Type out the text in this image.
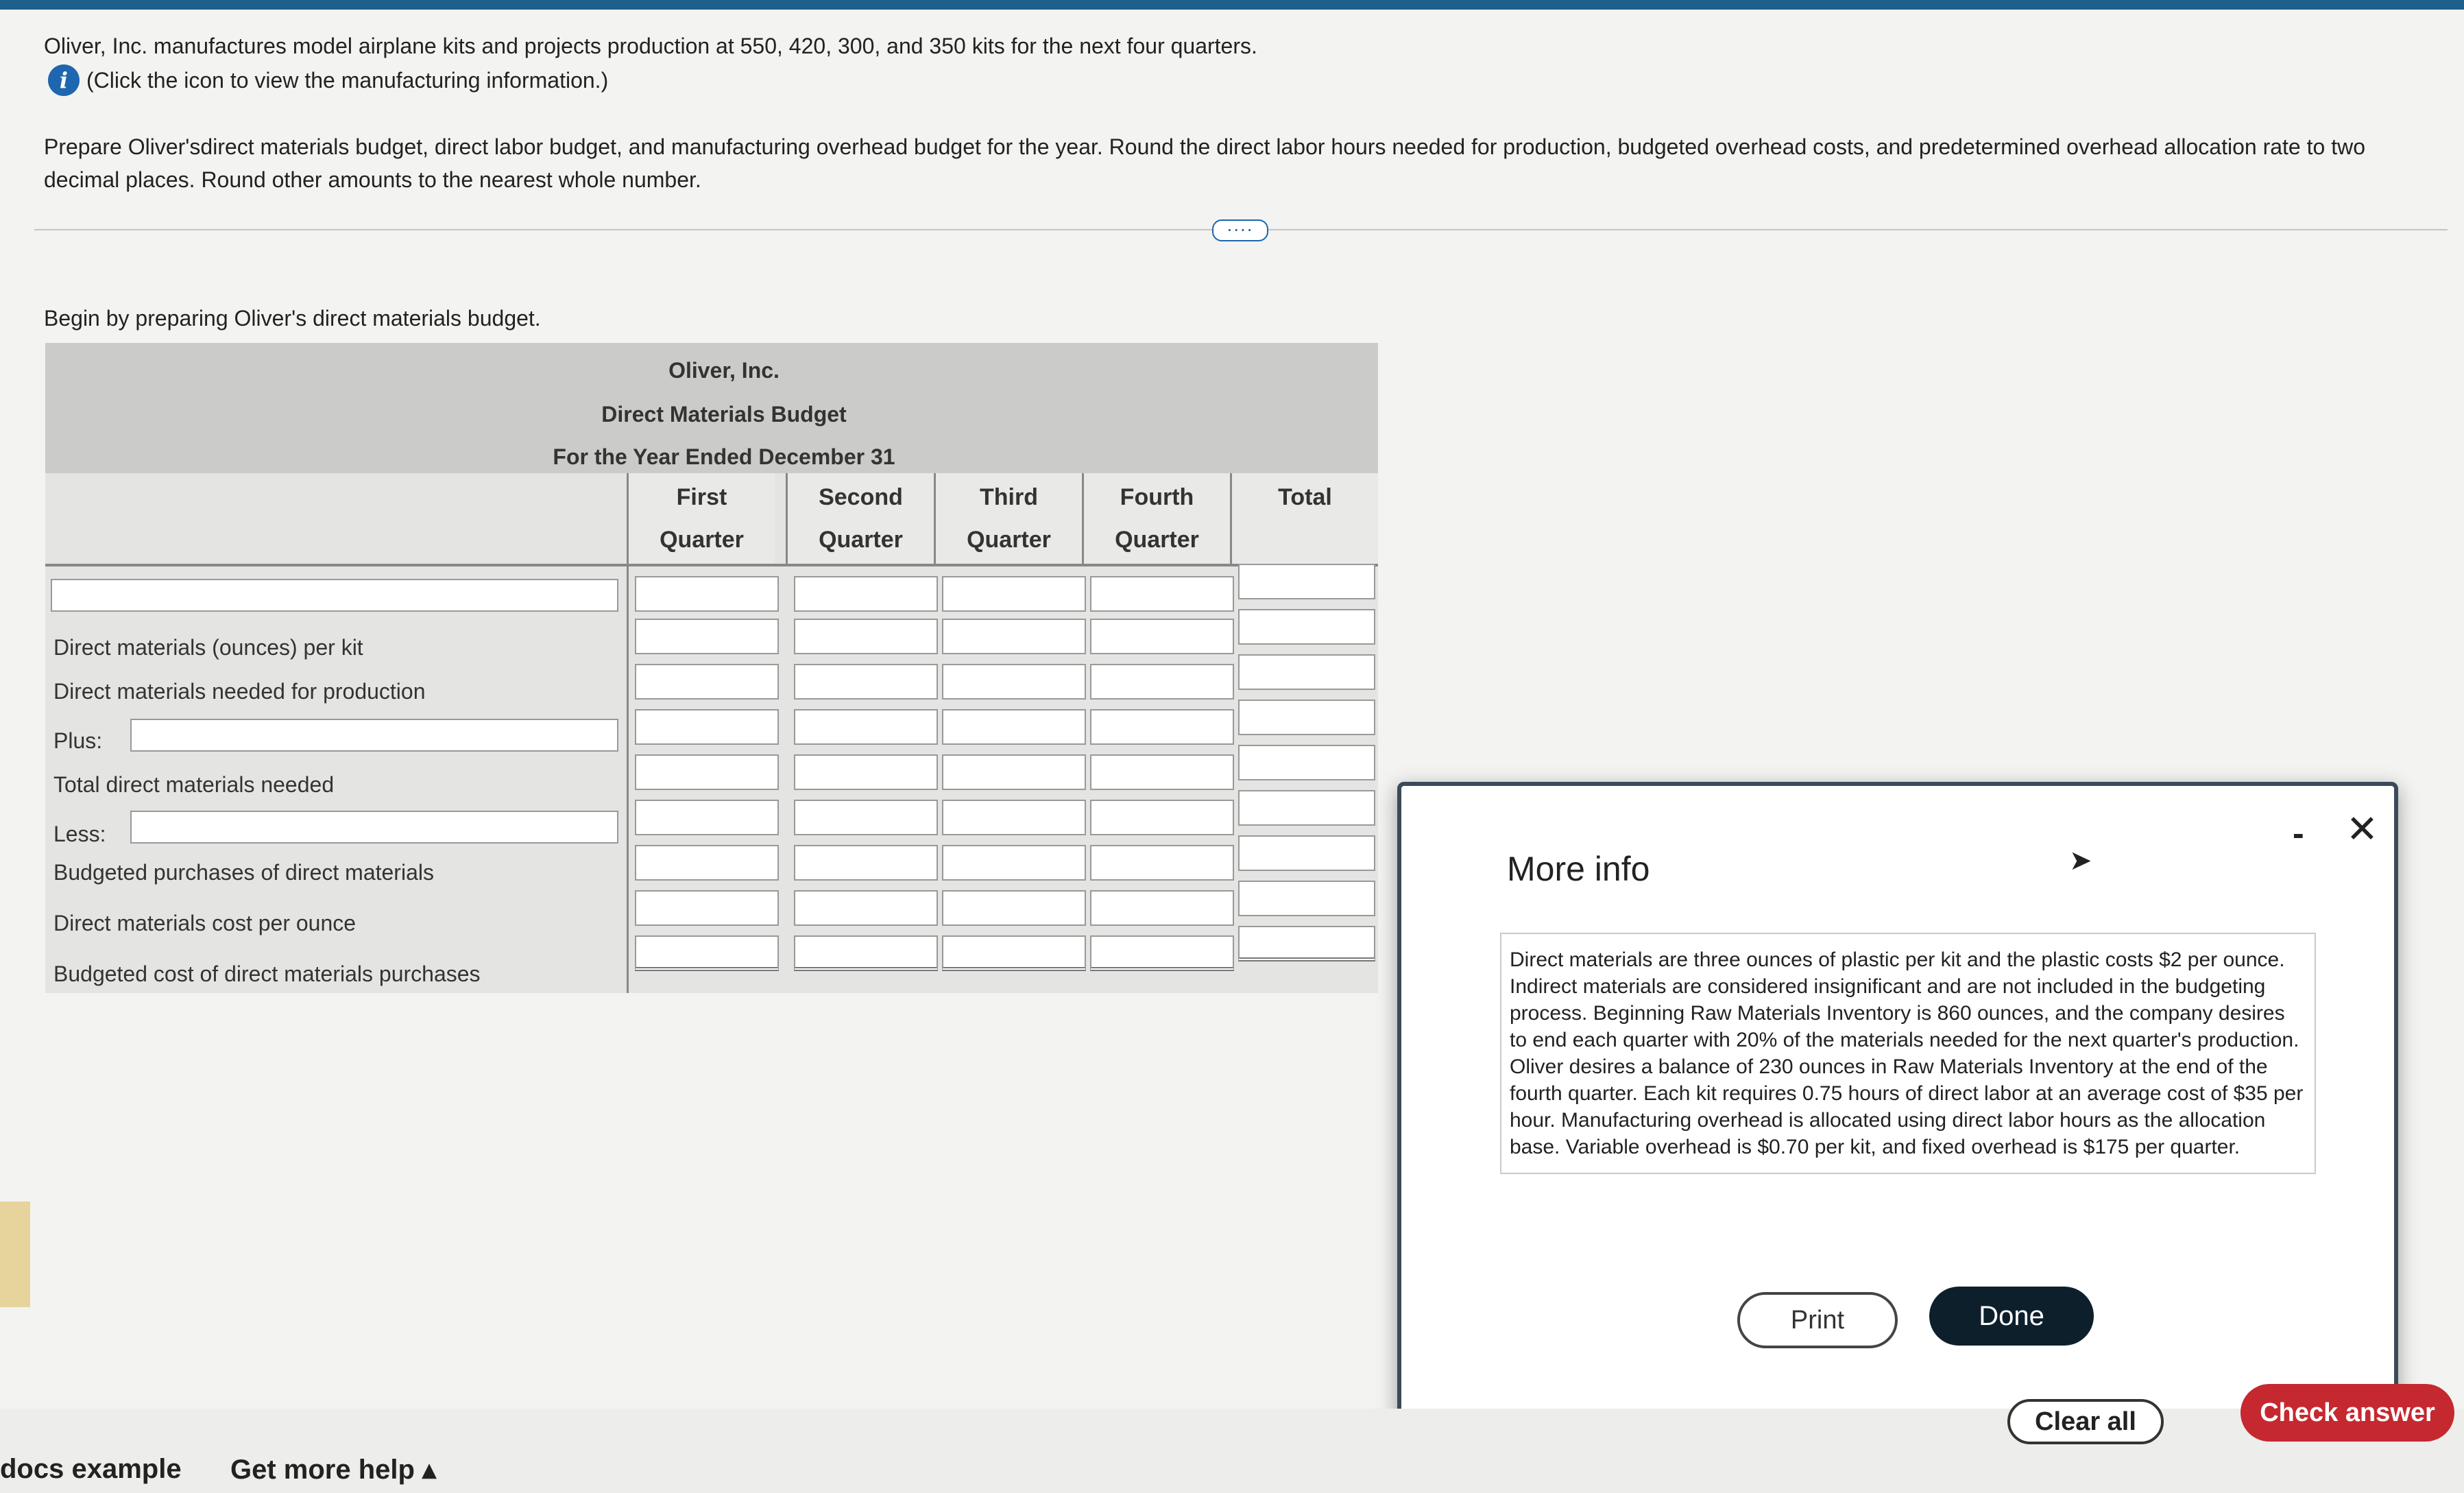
Oliver, Inc. manufactures model airplane kits and projects production at 550, 420, 300, and 350 kits for the next four quarters.
i (Click the icon to view the manufacturing information.)
Prepare Oliver'sdirect materials budget, direct labor budget, and manufacturing overhead budget for the year. Round the direct labor hours needed for production, budgeted overhead costs, and predetermined overhead allocation rate to two decimal places. Round other amounts to the nearest whole number.
....
Begin by preparing Oliver's direct materials budget.
Oliver, Inc.
Direct Materials Budget
For the Year Ended December 31
First
Quarter
Second
Quarter
Third
Quarter
Fourth
Quarter
Total
Direct materials (ounces) per kit
Direct materials needed for production
Plus:
Total direct materials needed
Less:
Budgeted purchases of direct materials
Direct materials cost per ounce
Budgeted cost of direct materials purchases
More info
- ✕
Direct materials are three ounces of plastic per kit and the plastic costs $2 per ounce. Indirect materials are considered insignificant and are not included in the budgeting process. Beginning Raw Materials Inventory is 860 ounces, and the company desires to end each quarter with 20% of the materials needed for the next quarter's production. Oliver desires a balance of 230 ounces in Raw Materials Inventory at the end of the fourth quarter. Each kit requires 0.75 hours of direct labor at an average cost of $35 per hour. Manufacturing overhead is allocated using direct labor hours as the allocation base. Variable overhead is $0.70 per kit, and fixed overhead is $175 per quarter.
Print	Done
➤
docs example Get more help ▴
Clear all	Check answer
